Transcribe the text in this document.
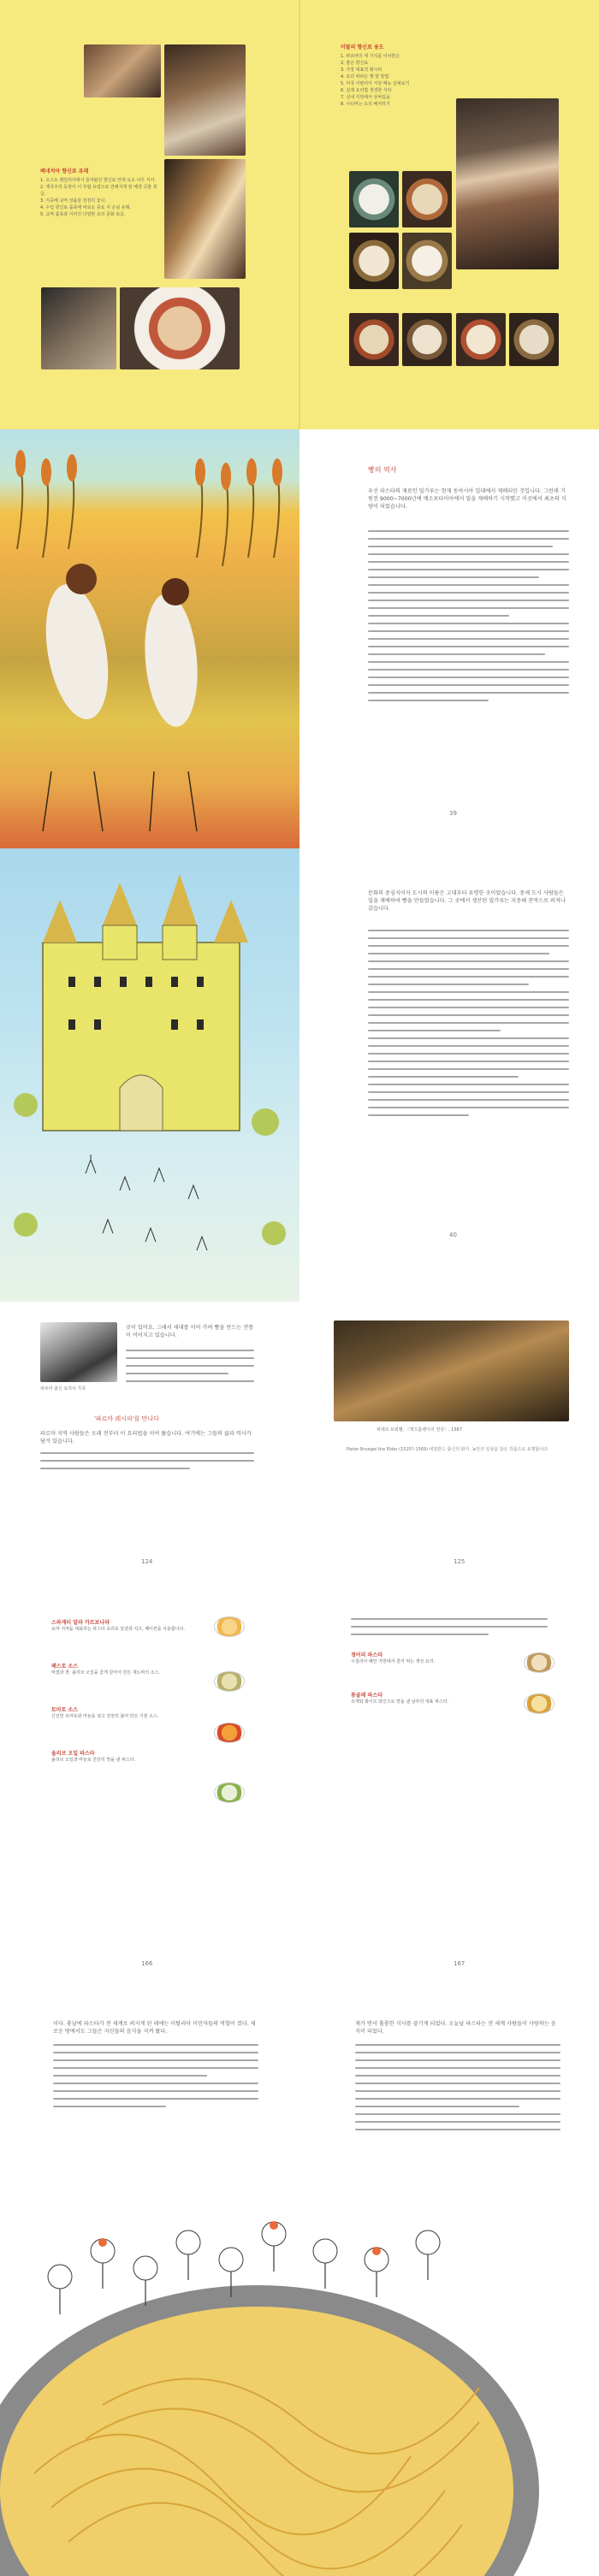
베네치아 향신료 유래
1. 오스트 레일리아에서 들어왔던 향신료 연대 요소 나무 식사.
2. 제국주의 등장이 이 무렵 유럽으로 전해지게 된 배경 곡물 취급.
3. 지중해 교역 상품들 천천히 놓다.
4. 수입 향신료 품목에 비로소 중요 식 손님 유래.
5. 교역 품목과 이어진 다양한 조리 문화 보급.
이탈리 향신료 용도
1. 파르마의 세 가지를 이어받은
2. 좋은 향신료
3. 가장 대표적 레시피
4. 요리 따라온 옛 향 방법
5. 미국 이탈리아 식당 메뉴 살펴보기
6. 실제 요리법 생생한 식탁
7. 실내 식탁에서 상차림을
8. 나눠먹는 요리 배치하기
빵의 역사
우선 파스타의 재료인 밀가루는 현재 동아시아 일대에서 재배되던 것입니다. 그런데 기원전 9000~7000년에 메소포타미아에서 밀을 재배하기 시작했고 이곳에서 최초의 식량이 되었습니다.
39
문화의 중심지이자 도시의 이름은 고대부터 유명한 곳이었습니다. 중세 도시 사람들은 밀을 재배하여 빵을 만들었습니다. 그 곳에서 생산된 밀가루는 지중해 전역으로 퍼져나갔습니다.
40
파르마 출신 요리사 가족
곳이 있어요. 그래서 세대를 이어 가며 빵을 만드는 전통이 이어지고 있습니다.
'파르마 레시피'를 만나다
파르마 지역 사람들은 오래 전부터 이 요리법을 이어 왔습니다. 여기에는 그들의 삶과 역사가 담겨 있습니다.
124
피테르 브뢰헬, 〈게으름뱅이의 천국〉, 1567
Pieter Bruegel the Elder (1525?-1569) 네덜란드 출신의 화가. 농민의 일상을 담은 작품으로 유명합니다.
125
스파게티 알라 카르보나라
로마 지역을 대표하는 파스타 요리로 달걀과 치즈, 베이컨을 사용합니다.
페스토 소스
바질과 잣, 올리브 오일을 곱게 갈아서 만든 제노바의 소스.
토마토 소스
신선한 토마토와 마늘을 넣고 천천히 끓여 만든 기본 소스.
올리브 오일 파스타
올리브 오일과 마늘로 간단히 맛을 낸 파스타.
166
정어리 파스타
시칠리아 해안 지방에서 즐겨 먹는 생선 요리.
봉골레 파스타
조개와 화이트 와인으로 맛을 낸 남부의 대표 파스타.
167
이다. 훗날에 파스타가 전 세계로 퍼지게 된 데에는 이탈리아 이민자들의 역할이 컸다. 새로운 땅에서도 그들은 자신들의 음식을 지켜 왔다.
재가 면서 훌륭한 식사를 즐기게 되었다. 오늘날 파스타는 전 세계 사람들이 사랑하는 음식이 되었다.
